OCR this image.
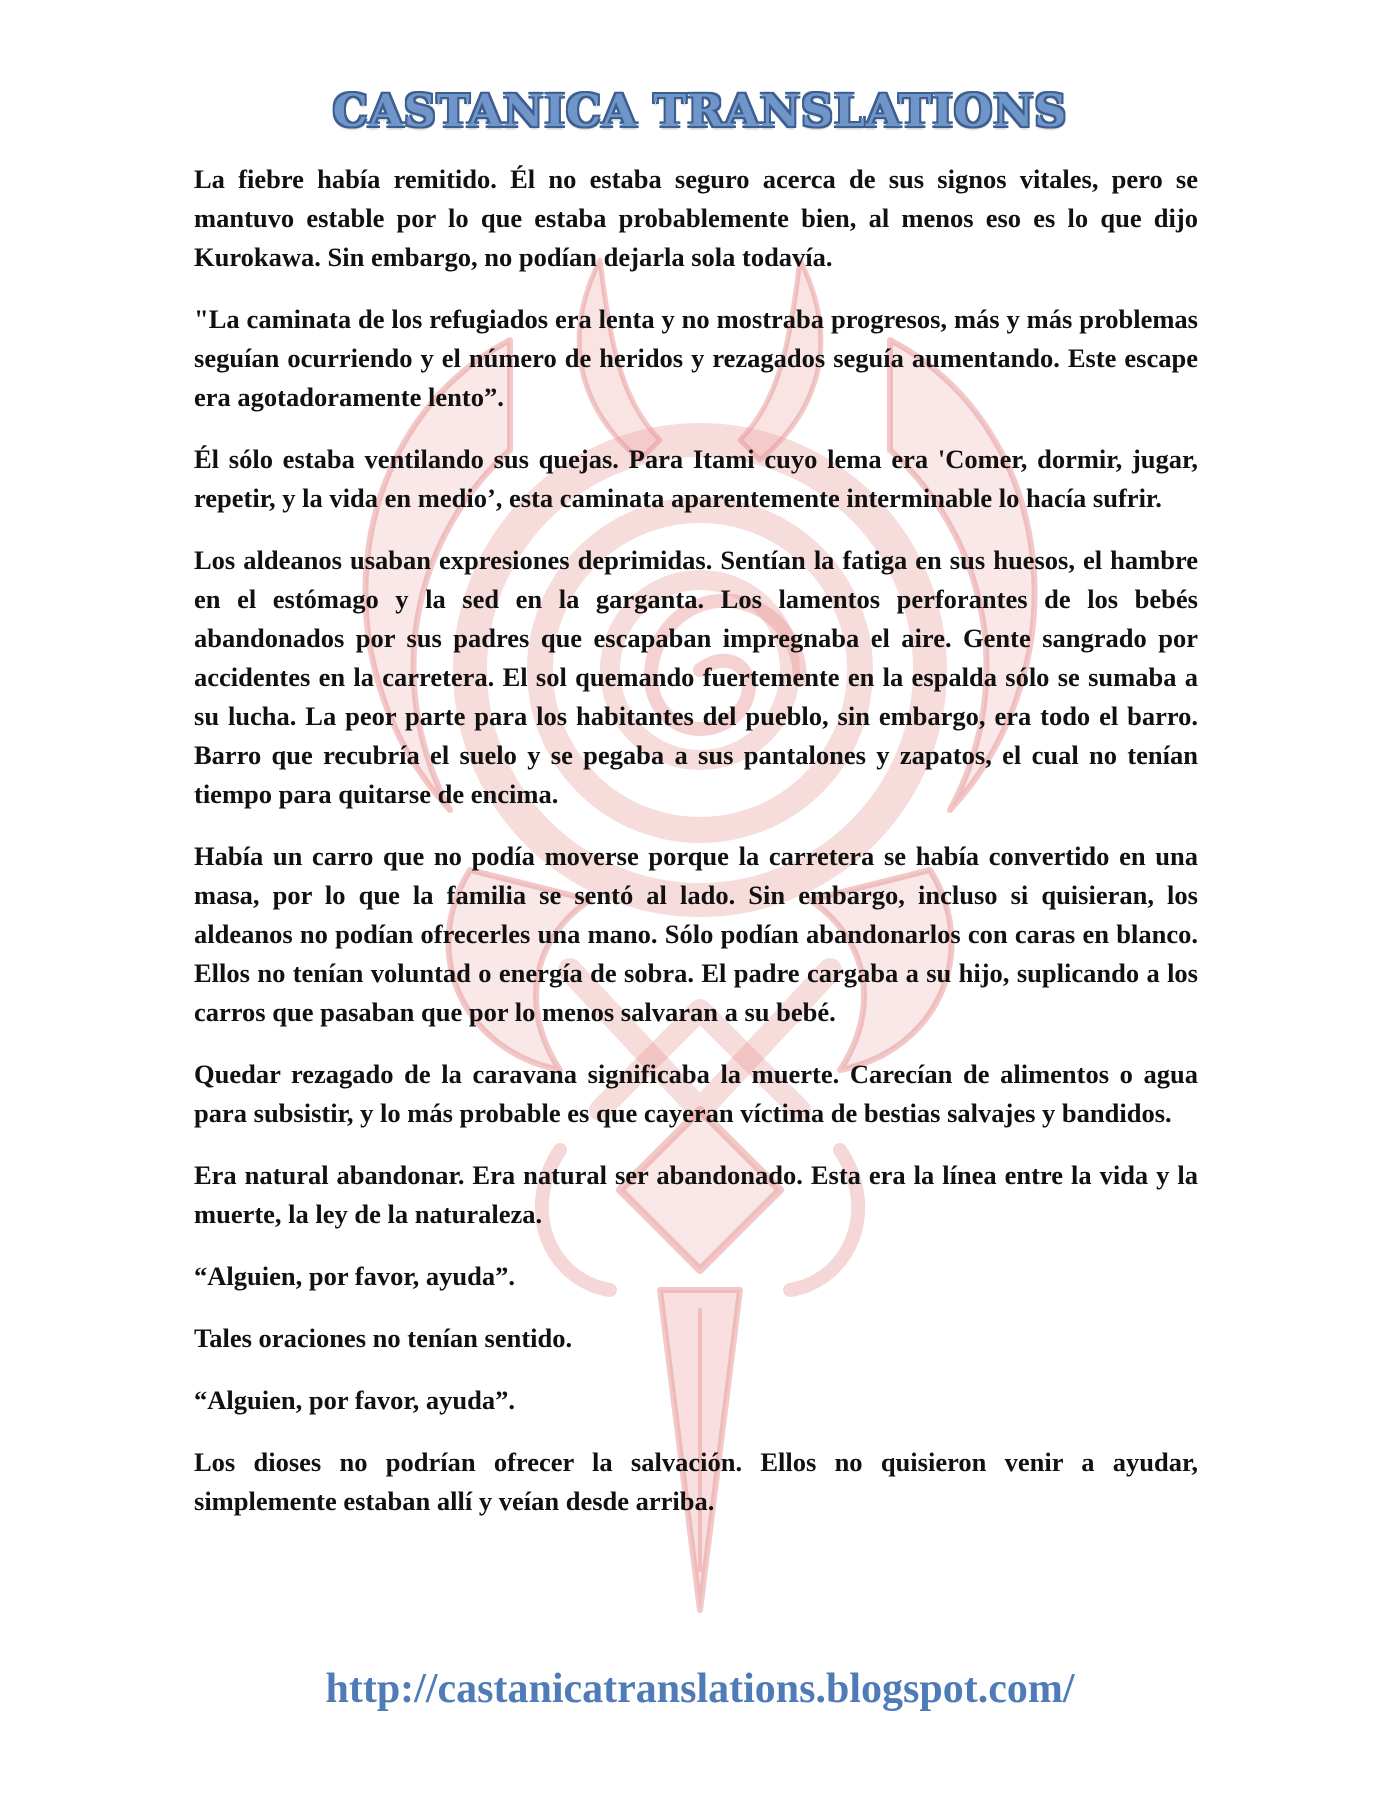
CASTANICA TRANSLATIONS

La fiebre había remitido. Él no estaba seguro acerca de sus signos vitales, pero se mantuvo estable por lo que estaba probablemente bien, al menos eso es lo que dijo Kurokawa. Sin embargo, no podían dejarla sola todavía.

"La caminata de los refugiados era lenta y no mostraba progresos, más y más problemas seguían ocurriendo y el número de heridos y rezagados seguía aumentando. Este escape era agotadoramente lento”.

Él sólo estaba ventilando sus quejas. Para Itami cuyo lema era 'Comer, dormir, jugar, repetir, y la vida en medio’, esta caminata aparentemente interminable lo hacía sufrir.

Los aldeanos usaban expresiones deprimidas. Sentían la fatiga en sus huesos, el hambre en el estómago y la sed en la garganta. Los lamentos perforantes de los bebés abandonados por sus padres que escapaban impregnaba el aire. Gente sangrado por accidentes en la carretera. El sol quemando fuertemente en la espalda sólo se sumaba a su lucha. La peor parte para los habitantes del pueblo, sin embargo, era todo el barro. Barro que recubría el suelo y se pegaba a sus pantalones y zapatos, el cual no tenían tiempo para quitarse de encima.

Había un carro que no podía moverse porque la carretera se había convertido en una masa, por lo que la familia se sentó al lado. Sin embargo, incluso si quisieran, los aldeanos no podían ofrecerles una mano. Sólo podían abandonarlos con caras en blanco. Ellos no tenían voluntad o energía de sobra. El padre cargaba a su hijo, suplicando a los carros que pasaban que por lo menos salvaran a su bebé.

Quedar rezagado de la caravana significaba la muerte. Carecían de alimentos o agua para subsistir, y lo más probable es que cayeran víctima de bestias salvajes y bandidos.

Era natural abandonar. Era natural ser abandonado. Esta era la línea entre la vida y la muerte, la ley de la naturaleza.

“Alguien, por favor, ayuda”.

Tales oraciones no tenían sentido.

“Alguien, por favor, ayuda”.

Los dioses no podrían ofrecer la salvación. Ellos no quisieron venir a ayudar, simplemente estaban allí y veían desde arriba.

http://castanicatranslations.blogspot.com/
